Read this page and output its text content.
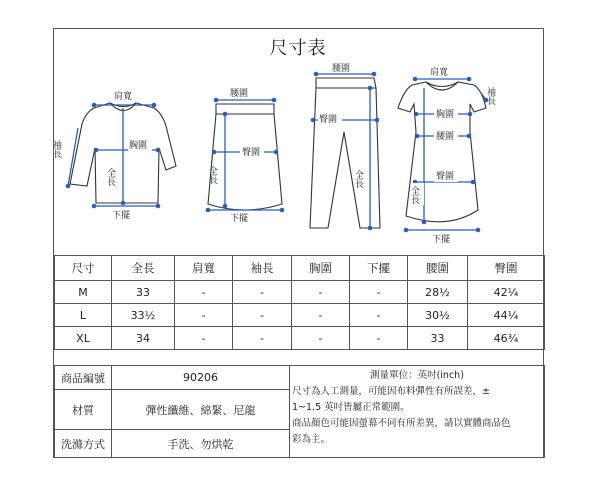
尺寸表
肩寬
袖長	胸圍
全長
下擺
腰圍
臀圍
全長
下擺
腰圍
臀圍
全長
肩寬
袖長
胸圍
腰圍
臀圍
全長
下擺
尺寸	全長	肩寬	袖長	胸圍	下擺	腰圍	臀圍
M	33	-	-	-	-	28½	42¼
L	33½	-	-	-	-	30½	44¼
XL	34	-	-	-	-	33	46¾
商品編號	90206	測量單位：英吋(inch)
尺寸為人工測量，可能因布料彈性有所誤差，±
1~1.5 英吋皆屬正常範圍。
商品顏色可能因螢幕不同有所差異，請以實體商品色
彩為主。

材質	彈性纖維、綿緊、尼龍	
洗滌方式	手洗、勿烘乾	
